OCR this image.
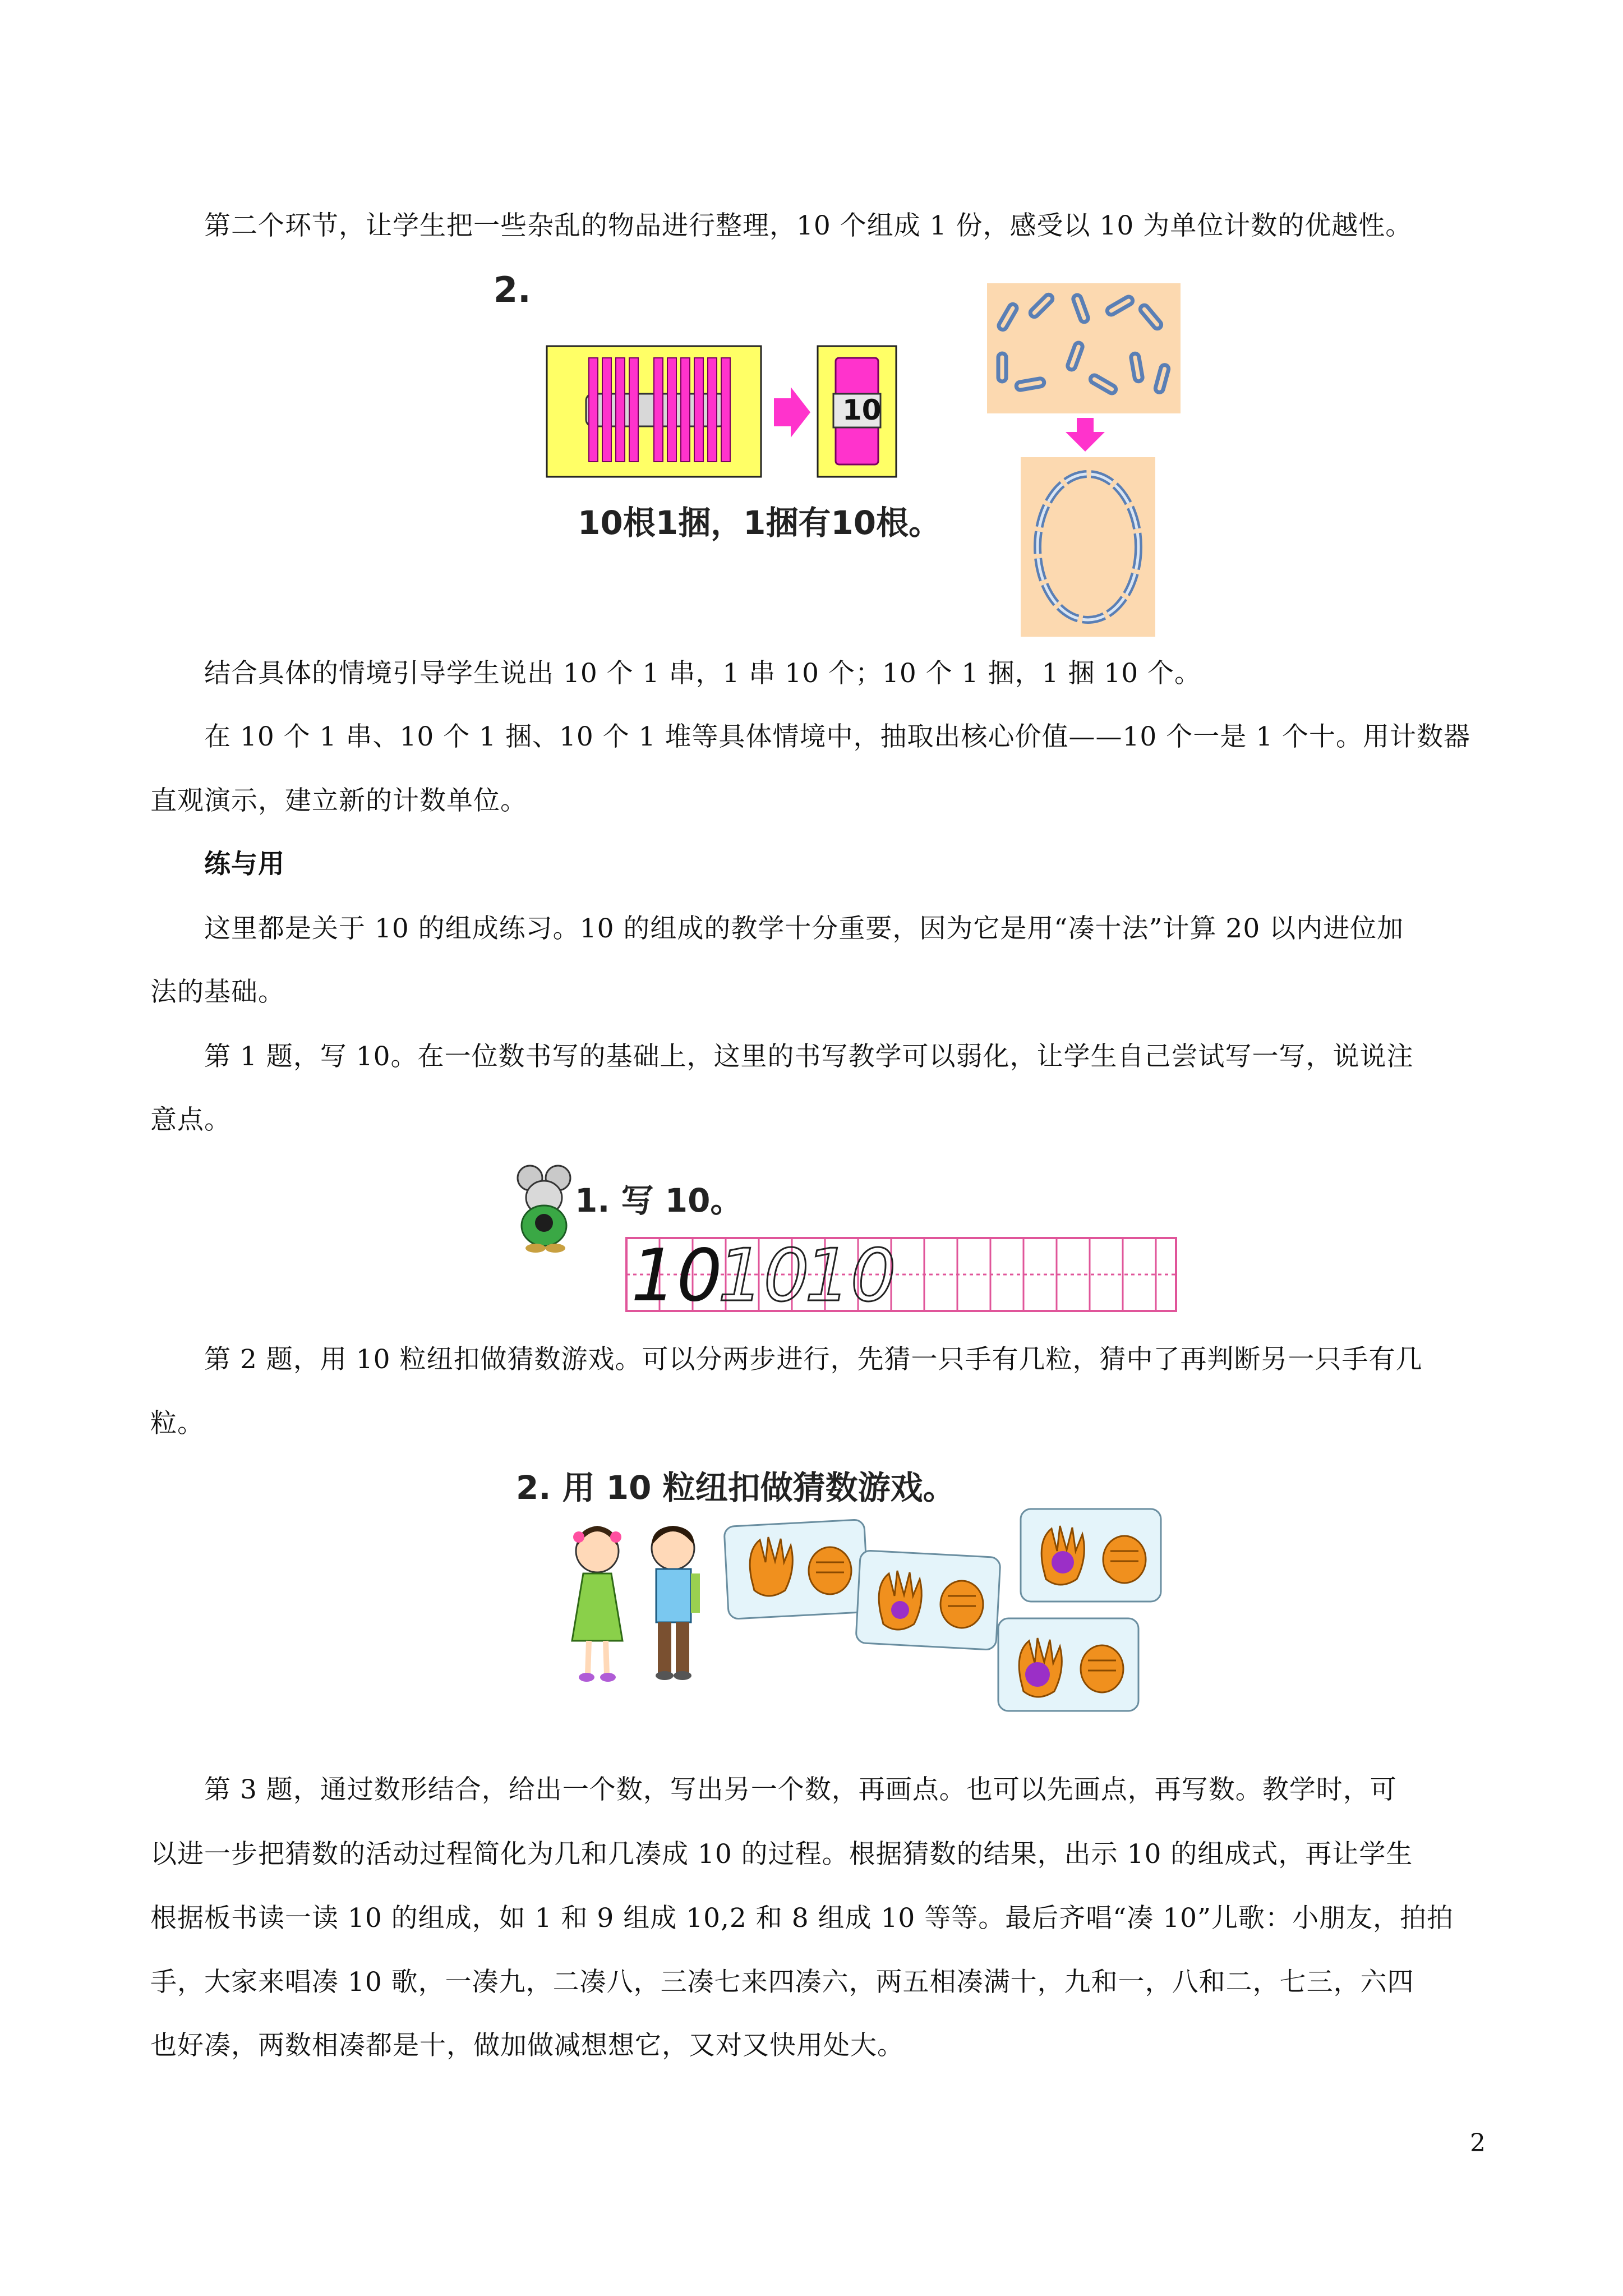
第二个环节，让学生把一些杂乱的物品进行整理，10 个组成 1 份，感受以 10 为单位计数的优越性。
2.
10
10根1捆，1捆有10根。
结合具体的情境引导学生说出 10 个 1 串，1 串 10 个；10 个 1 捆，1 捆 10 个。
在 10 个 1 串、10 个 1 捆、10 个 1 堆等具体情境中，抽取出核心价值——10 个一是 1 个十。用计数器
直观演示，建立新的计数单位。
练与用
这里都是关于 10 的组成练习。10 的组成的教学十分重要，因为它是用“凑十法”计算 20 以内进位加
法的基础。
第 1 题，写 10。在一位数书写的基础上，这里的书写教学可以弱化，让学生自己尝试写一写，说说注
意点。
1. 写 10。
10
10
10
第 2 题，用 10 粒纽扣做猜数游戏。可以分两步进行，先猜一只手有几粒，猜中了再判断另一只手有几
粒。
2. 用 10 粒纽扣做猜数游戏。
第 3 题，通过数形结合，给出一个数，写出另一个数，再画点。也可以先画点，再写数。教学时，可
以进一步把猜数的活动过程简化为几和几凑成 10 的过程。根据猜数的结果，出示 10 的组成式，再让学生
根据板书读一读 10 的组成，如 1 和 9 组成 10,2 和 8 组成 10 等等。最后齐唱“凑 10”儿歌：小朋友，拍拍
手，大家来唱凑 10 歌，一凑九，二凑八，三凑七来四凑六，两五相凑满十，九和一，八和二，七三，六四
也好凑，两数相凑都是十，做加做减想想它，又对又快用处大。
2
